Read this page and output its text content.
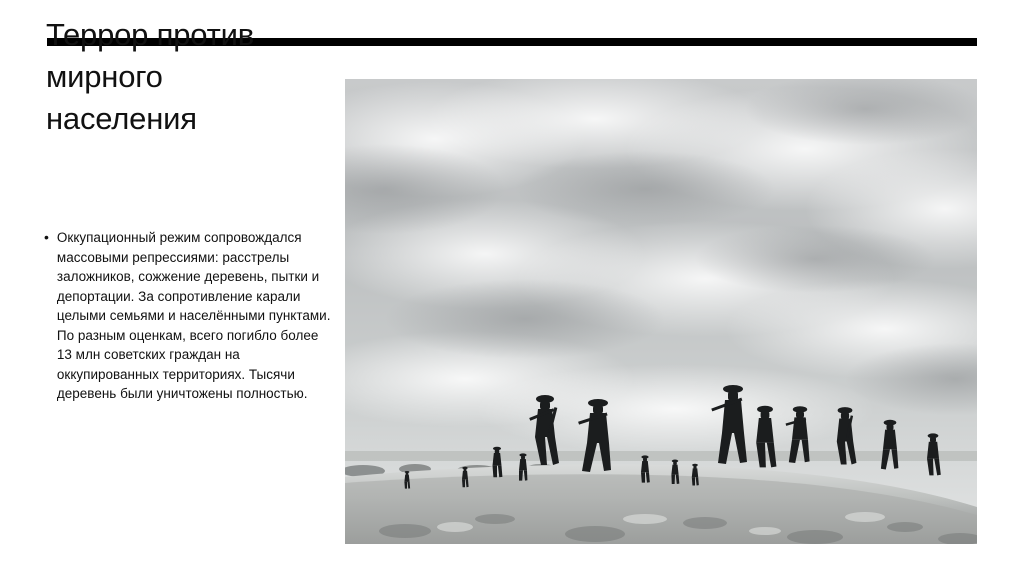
Террор против мирного населения
• Оккупационный режим сопровождался массовыми репрессиями: расстрелы заложников, сожжение деревень, пытки и депортации. За сопротивление карали целыми семьями и населёнными пунктами. По разным оценкам, всего погибло более 13 млн советских граждан на оккупированных территориях. Тысячи деревень были уничтожены полностью.
